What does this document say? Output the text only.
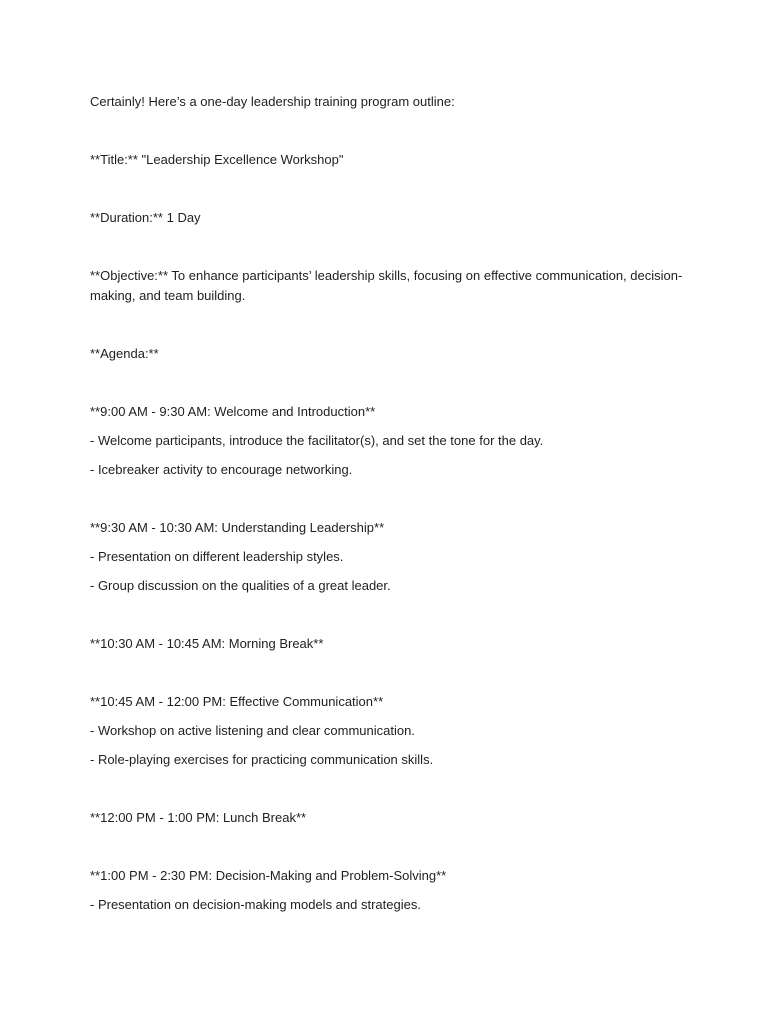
Certainly! Here’s a one-day leadership training program outline:

**Title:** "Leadership Excellence Workshop"

**Duration:** 1 Day

**Objective:** To enhance participants’ leadership skills, focusing on effective communication, decision-making, and team building.

**Agenda:**

**9:00 AM - 9:30 AM: Welcome and Introduction**

- Welcome participants, introduce the facilitator(s), and set the tone for the day.

- Icebreaker activity to encourage networking.

**9:30 AM - 10:30 AM: Understanding Leadership**

- Presentation on different leadership styles.

- Group discussion on the qualities of a great leader.

**10:30 AM - 10:45 AM: Morning Break**

**10:45 AM - 12:00 PM: Effective Communication**

- Workshop on active listening and clear communication.

- Role-playing exercises for practicing communication skills.

**12:00 PM - 1:00 PM: Lunch Break**

**1:00 PM - 2:30 PM: Decision-Making and Problem-Solving**

- Presentation on decision-making models and strategies.
